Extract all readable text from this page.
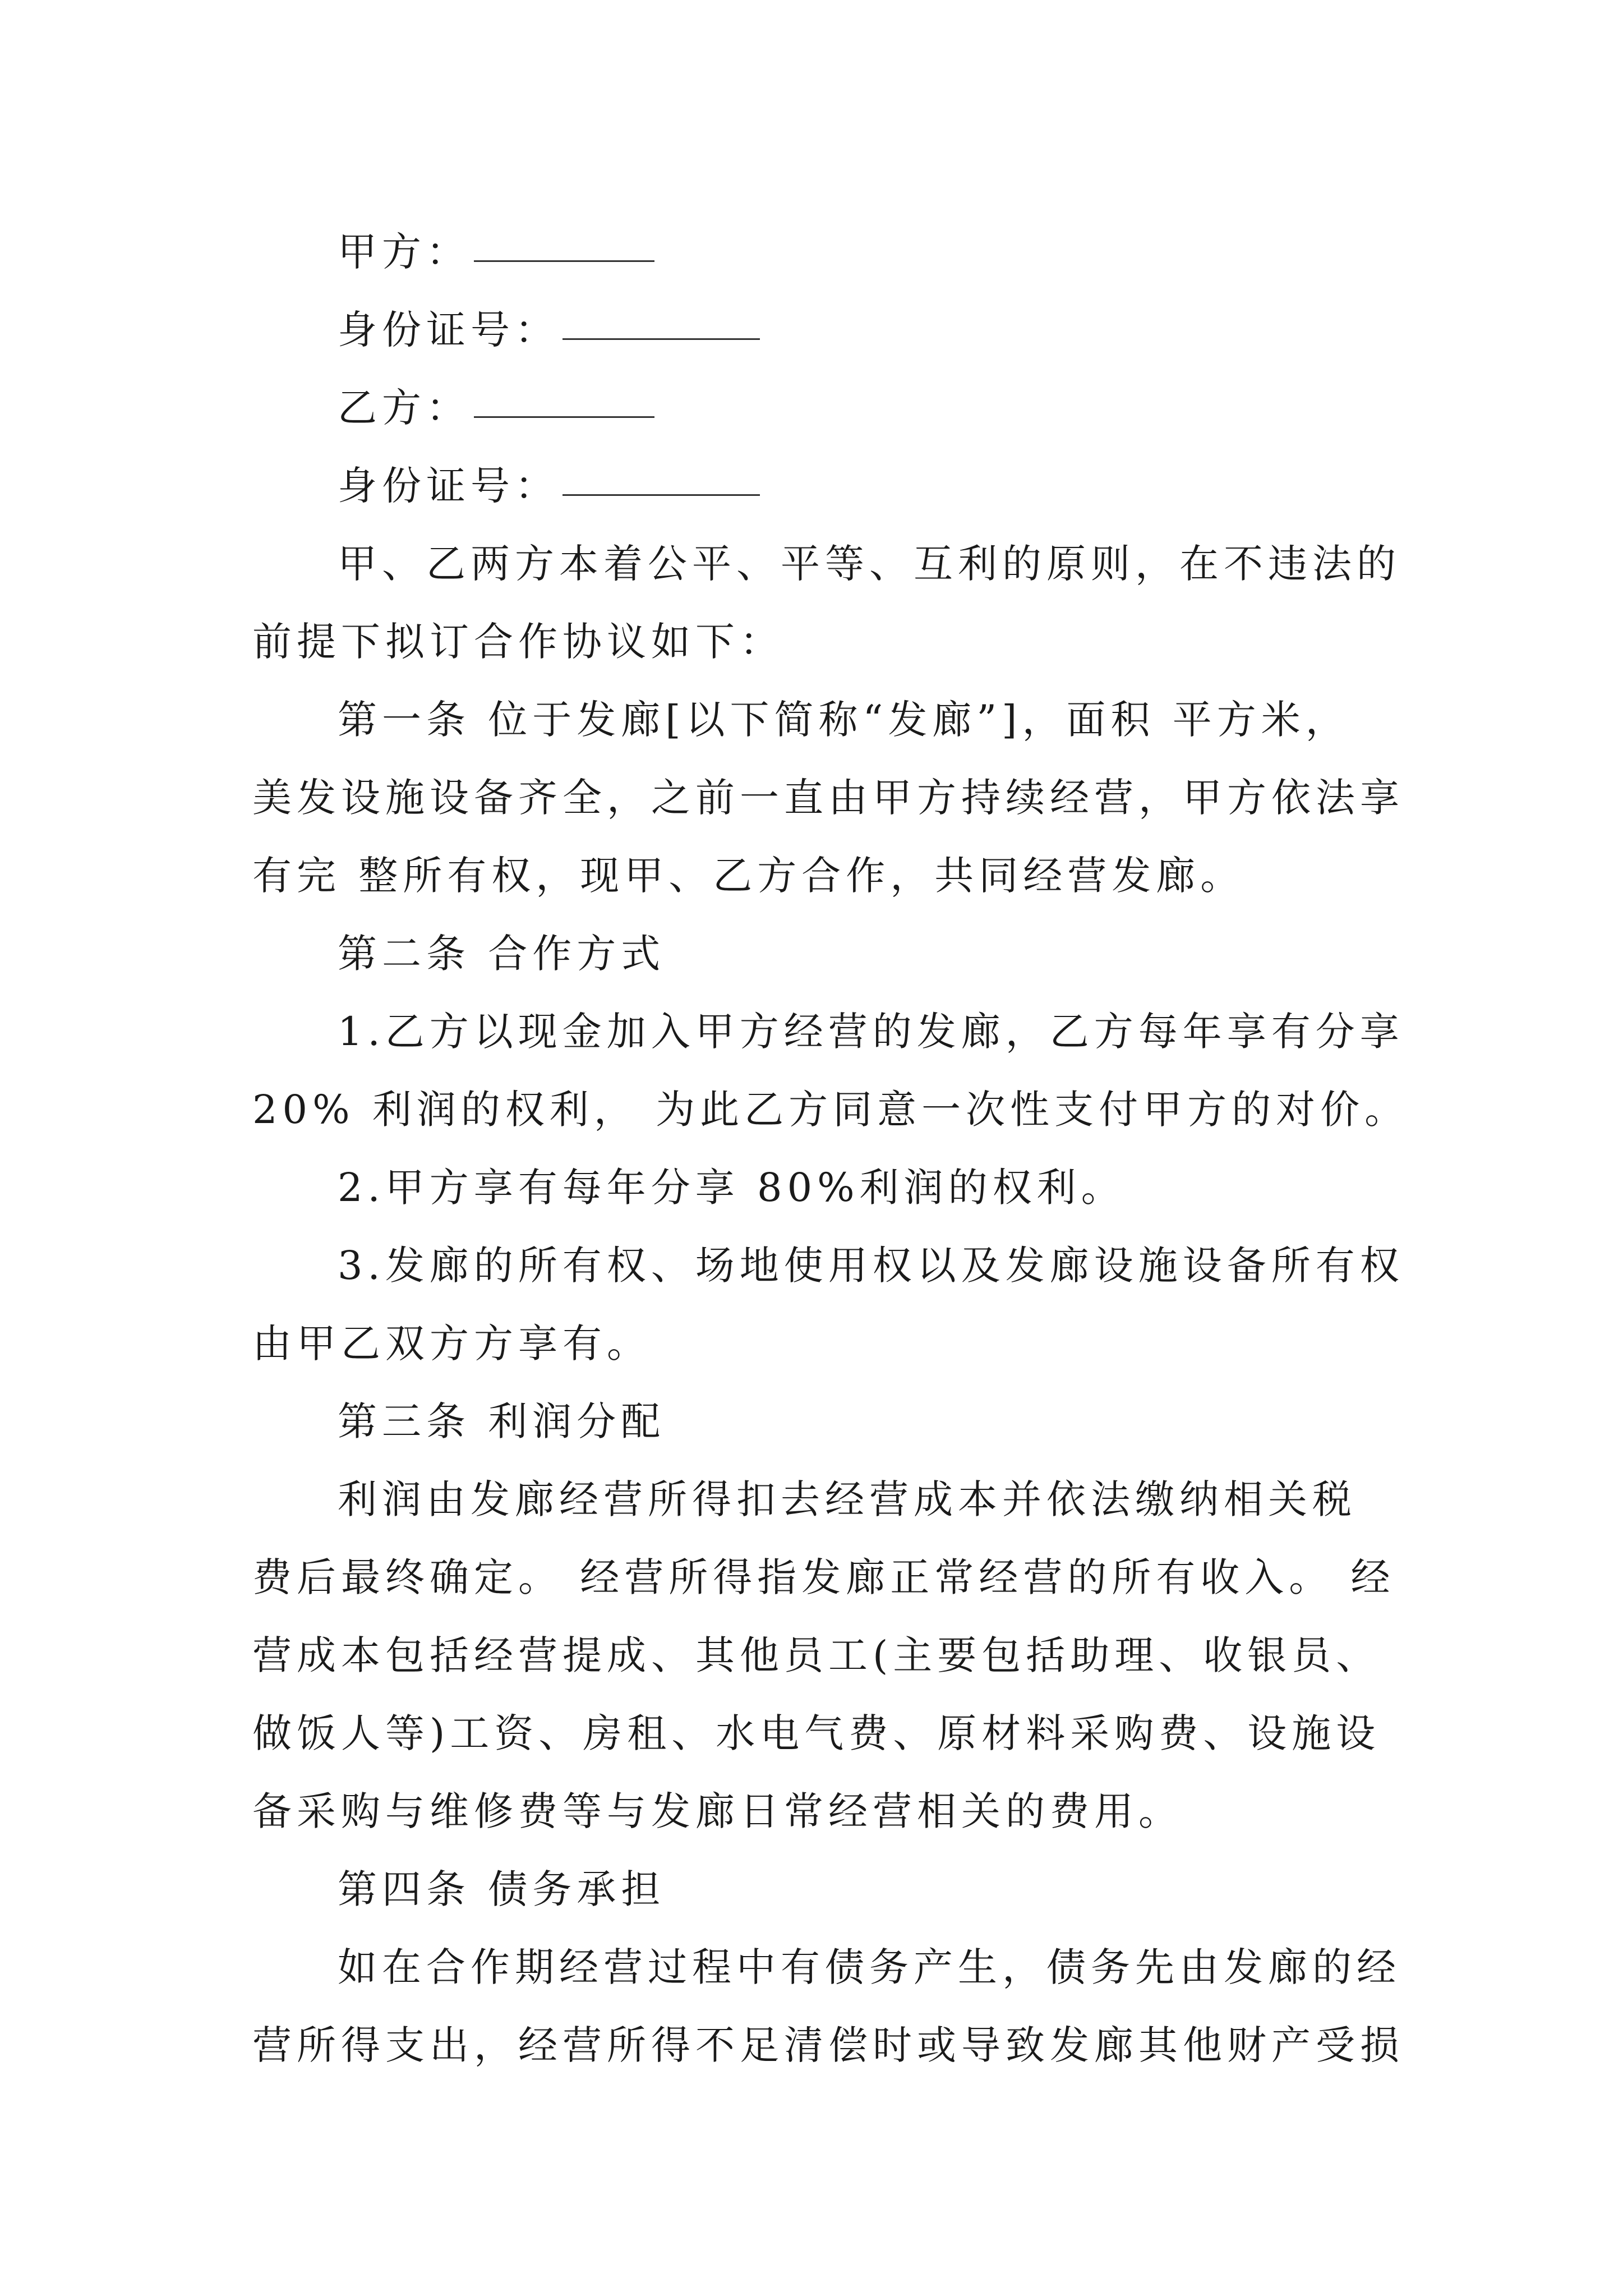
甲方：
身份证号：
乙方：
身份证号：
甲、乙两方本着公平、平等、互利的原则，在不违法的
前提下拟订合作协议如下：
第一条 位于发廊[以下简称“发廊”]，面积 平方米，
美发设施设备齐全，之前一直由甲方持续经营，甲方依法享
有完 整所有权，现甲、乙方合作，共同经营发廊。
第二条 合作方式
1.乙方以现金加入甲方经营的发廊，乙方每年享有分享
20% 利润的权利， 为此乙方同意一次性支付甲方的对价。
2.甲方享有每年分享 80%利润的权利。
3.发廊的所有权、场地使用权以及发廊设施设备所有权
由甲乙双方方享有。
第三条 利润分配
利润由发廊经营所得扣去经营成本并依法缴纳相关税
费后最终确定。 经营所得指发廊正常经营的所有收入。 经
营成本包括经营提成、其他员工(主要包括助理、收银员、
做饭人等)工资、房租、水电气费、原材料采购费、设施设
备采购与维修费等与发廊日常经营相关的费用。
第四条 债务承担
如在合作期经营过程中有债务产生，债务先由发廊的经
营所得支出，经营所得不足清偿时或导致发廊其他财产受损
